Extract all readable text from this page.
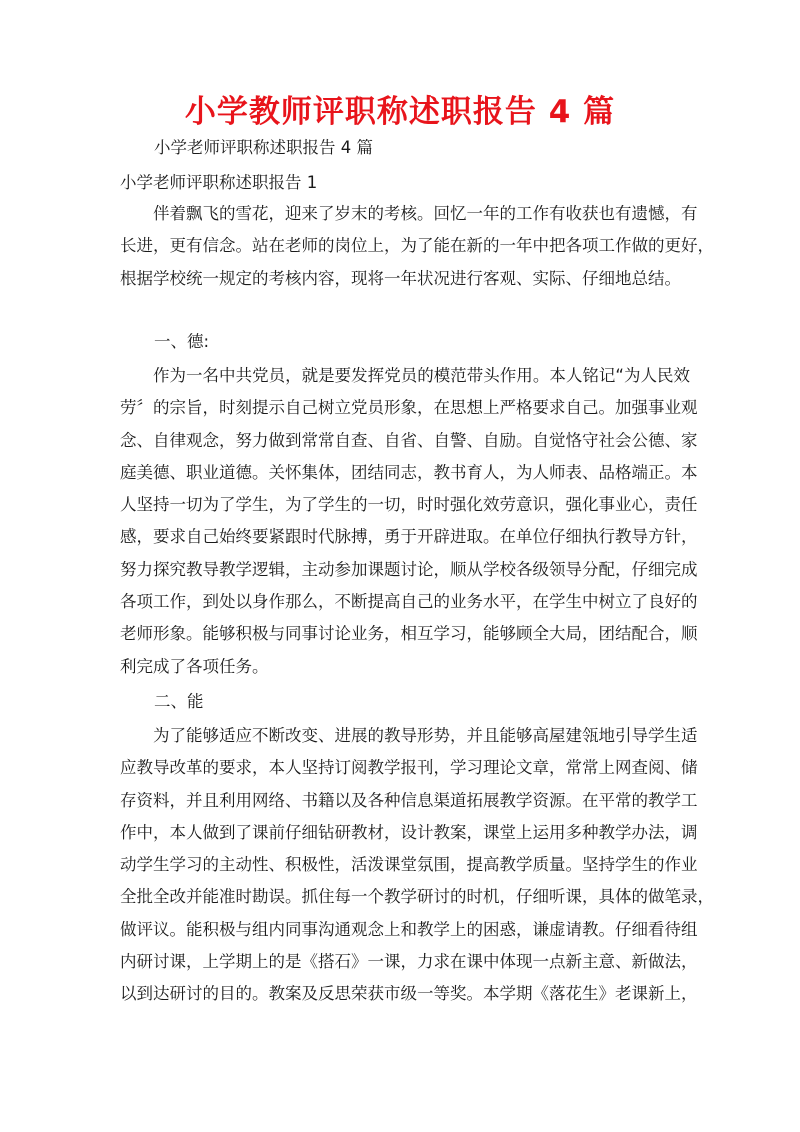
小学教师评职称述职报告 4 篇

小学老师评职称述职报告 4 篇

小学老师评职称述职报告 1

伴着飘飞的雪花，迎来了岁末的考核。回忆一年的工作有收获也有遗憾，有
长进，更有信念。站在老师的岗位上，为了能在新的一年中把各项工作做的更好，
根据学校统一规定的考核内容，现将一年状况进行客观、实际、仔细地总结。

一、德:

作为一名中共党员，就是要发挥党员的模范带头作用。本人铭记“为人民效
劳〞的宗旨，时刻提示自己树立党员形象，在思想上严格要求自己。加强事业观
念、自律观念，努力做到常常自查、自省、自警、自励。自觉恪守社会公德、家
庭美德、职业道德。关怀集体，团结同志，教书育人，为人师表、品格端正。本
人坚持一切为了学生，为了学生的一切，时时强化效劳意识，强化事业心，责任
感，要求自己始终要紧跟时代脉搏，勇于开辟进取。在单位仔细执行教导方针，
努力探究教导教学逻辑，主动参加课题讨论，顺从学校各级领导分配，仔细完成
各项工作，到处以身作那么，不断提高自己的业务水平，在学生中树立了良好的
老师形象。能够积极与同事讨论业务，相互学习，能够顾全大局，团结配合，顺
利完成了各项任务。

二、能

为了能够适应不断改变、进展的教导形势，并且能够高屋建瓴地引导学生适
应教导改革的要求，本人坚持订阅教学报刊，学习理论文章，常常上网查阅、储
存资料，并且利用网络、书籍以及各种信息渠道拓展教学资源。在平常的教学工
作中，本人做到了课前仔细钻研教材，设计教案，课堂上运用多种教学办法，调
动学生学习的主动性、积极性，活泼课堂氛围，提高教学质量。坚持学生的作业
全批全改并能准时勘误。抓住每一个教学研讨的时机，仔细听课，具体的做笔录，
做评议。能积极与组内同事沟通观念上和教学上的困惑，谦虚请教。仔细看待组
内研讨课，上学期上的是《搭石》一课，力求在课中体现一点新主意、新做法，
以到达研讨的目的。教案及反思荣获市级一等奖。本学期《落花生》老课新上，
